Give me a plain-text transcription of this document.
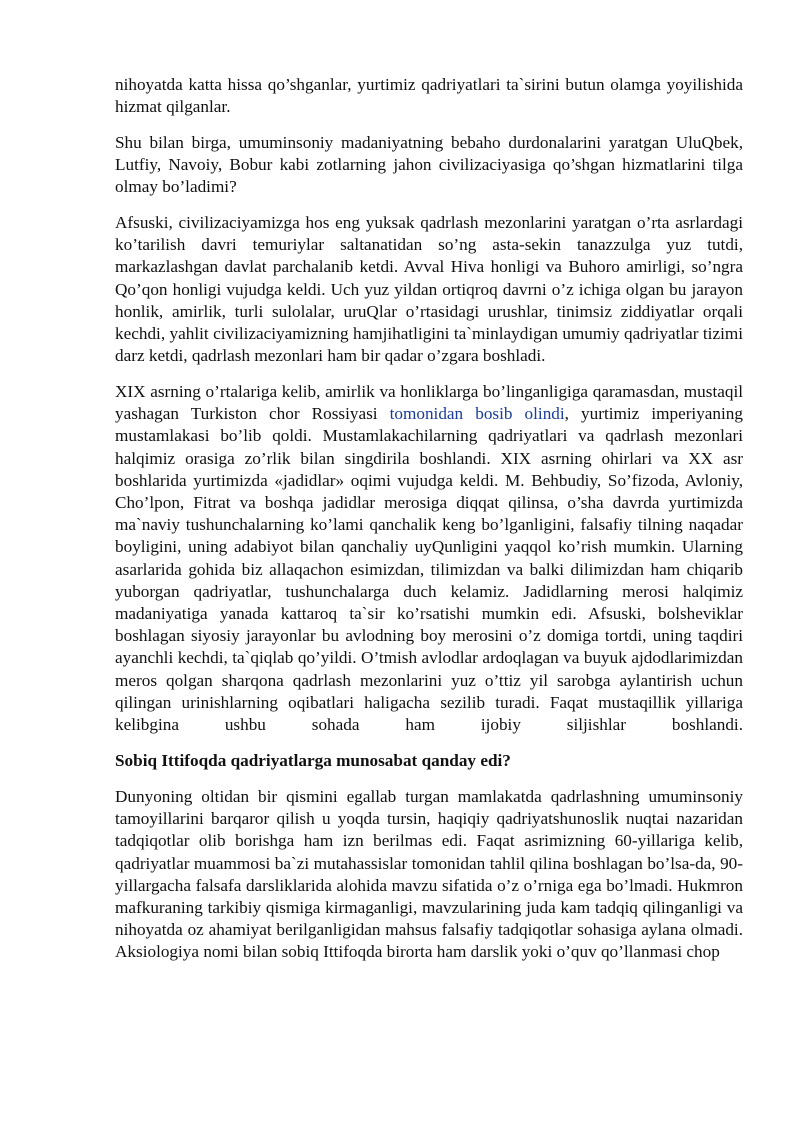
nihoyatda katta hissa qo’shganlar, yurtimiz qadriyatlari ta`sirini butun olamga yoyilishida hizmat qilganlar.

Shu bilan birga, umuminsoniy madaniyatning bebaho durdonalarini yaratgan UluQbek, Lutfiy, Navoiy, Bobur kabi zotlarning jahon civilizaciyasiga qo’shgan hizmatlarini tilga olmay bo’ladimi?

Afsuski, civilizaciyamizga hos eng yuksak qadrlash mezonlarini yaratgan o’rta asrlardagi ko’tarilish davri temuriylar saltanatidan so’ng asta-sekin tanazzulga yuz tutdi, markazlashgan davlat parchalanib ketdi. Avval Hiva honligi va Buhoro amirligi, so’ngra Qo’qon honligi vujudga keldi. Uch yuz yildan ortiqroq davrni o’z ichiga olgan bu jarayon honlik, amirlik, turli sulolalar, uruQlar o’rtasidagi urushlar, tinimsiz ziddiyatlar orqali kechdi, yahlit civilizaciyamizning hamjihatligini ta`minlaydigan umumiy qadriyatlar tizimi darz ketdi, qadrlash mezonlari ham bir qadar o’zgara boshladi.

XIX asrning o’rtalariga kelib, amirlik va honliklarga bo’linganligiga qaramasdan, mustaqil yashagan Turkiston chor Rossiyasi tomonidan bosib olindi, yurtimiz imperiyaning mustamlakasi bo’lib qoldi. Mustamlakachilarning qadriyatlari va qadrlash mezonlari halqimiz orasiga zo’rlik bilan singdirila boshlandi. XIX asrning ohirlari va XX asr boshlarida yurtimizda «jadidlar» oqimi vujudga keldi. M. Behbudiy, So’fizoda, Avloniy, Cho’lpon, Fitrat va boshqa jadidlar merosiga diqqat qilinsa, o’sha davrda yurtimizda ma`naviy tushunchalarning ko’lami qanchalik keng bo’lganligini, falsafiy tilning naqadar boyligini, uning adabiyot bilan qanchaliy uyQunligini yaqqol ko’rish mumkin. Ularning asarlarida gohida biz allaqachon esimizdan, tilimizdan va balki dilimizdan ham chiqarib yuborgan qadriyatlar, tushunchalarga duch kelamiz. Jadidlarning merosi halqimiz madaniyatiga yanada kattaroq ta`sir ko’rsatishi mumkin edi. Afsuski, bolsheviklar boshlagan siyosiy jarayonlar bu avlodning boy merosini o’z domiga tortdi, uning taqdiri ayanchli kechdi, ta`qiqlab qo’yildi. O’tmish avlodlar ardoqlagan va buyuk ajdodlarimizdan meros qolgan sharqona qadrlash mezonlarini yuz o’ttiz yil sarobga aylantirish uchun qilingan urinishlarning oqibatlari haligacha sezilib turadi. Faqat mustaqillik yillariga kelibgina ushbu sohada ham ijobiy siljishlar boshlandi.

Sobiq Ittifoqda qadriyatlarga munosabat qanday edi?

Dunyoning oltidan bir qismini egallab turgan mamlakatda qadrlashning umuminsoniy tamoyillarini barqaror qilish u yoqda tursin, haqiqiy qadriyatshunoslik nuqtai nazaridan tadqiqotlar olib borishga ham izn berilmas edi. Faqat asrimizning 60-yillariga kelib, qadriyatlar muammosi ba`zi mutahassislar tomonidan tahlil qilina boshlagan bo’lsa-da, 90-yillargacha falsafa darsliklarida alohida mavzu sifatida o’z o’rniga ega bo’lmadi. Hukmron mafkuraning tarkibiy qismiga kirmaganligi, mavzularining juda kam tadqiq qilinganligi va nihoyatda oz ahamiyat berilganligidan mahsus falsafiy tadqiqotlar sohasiga aylana olmadi. Aksiologiya nomi bilan sobiq Ittifoqda birorta ham darslik yoki o’quv qo’llanmasi chop
